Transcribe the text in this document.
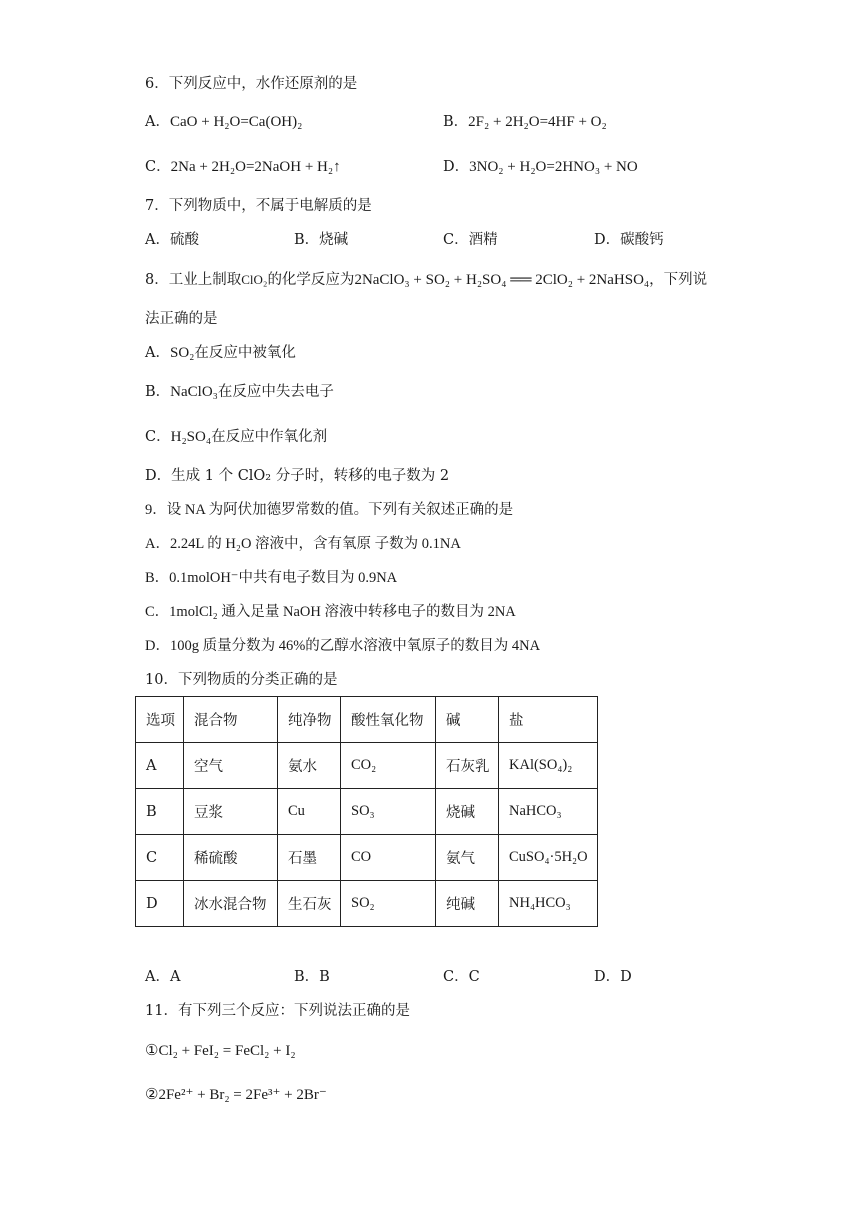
6．下列反应中，水作还原剂的是
A．CaO + H₂O=Ca(OH)₂	B．2F₂ + 2H₂O=4HF + O₂
C．2Na + 2H₂O=2NaOH + H₂↑	D．3NO₂ + H₂O=2HNO₃ + NO
7．下列物质中，不属于电解质的是
A．硫酸	B．烧碱	C．酒精	D．碳酸钙
8．工业上制取ClO₂的化学反应为2NaClO₃ + SO₂ + H₂SO₄ ══ 2ClO₂ + 2NaHSO₄，下列说
法正确的是
A．SO₂在反应中被氧化
B．NaClO₃在反应中失去电子
C．H₂SO₄在反应中作氧化剂
D．生成 1 个 ClO₂ 分子时，转移的电子数为 2
9．设 NA 为阿伏加德罗常数的值。下列有关叙述正确的是
A．2.24L 的 H₂O 溶液中，含有氧原 子数为 0.1NA
B．0.1molOH⁻中共有电子数目为 0.9NA
C．1molCl₂ 通入足量 NaOH 溶液中转移电子的数目为 2NA
D．100g 质量分数为 46%的乙醇水溶液中氧原子的数目为 4NA
10．下列物质的分类正确的是
选项	混合物	纯净物	酸性氧化物	碱	盐
A	空气	氨水	CO₂	石灰乳	KAl(SO₄)₂
B	豆浆	Cu	SO₃	烧碱	NaHCO₃
C	稀硫酸	石墨	CO	氨气	CuSO₄·5H₂O
D	冰水混合物	生石灰	SO₂	纯碱	NH₄HCO₃
A．A	B．B	C．C	D．D
11．有下列三个反应：下列说法正确的是
①Cl₂ + FeI₂ = FeCl₂ + I₂
②2Fe²⁺ + Br₂ = 2Fe³⁺ + 2Br⁻
